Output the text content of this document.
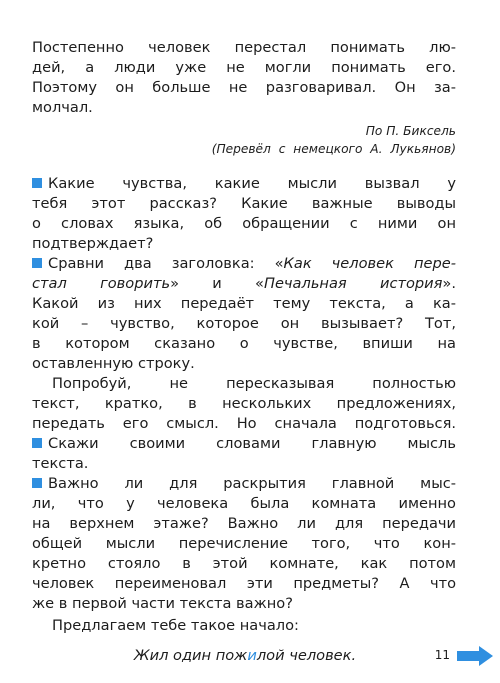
Постепенно человек перестал понимать лю-
дей, а люди уже не могли понимать его.
Поэтому он больше не разговаривал. Он за-
молчал.
По П. Биксель
(Перевёл с немецкого А. Лукьянов)
Какие чувства, какие мысли вызвал у
тебя этот рассказ? Какие важные выводы
о словах языка, об обращении с ними он
подтверждает?
Сравни два заголовка: «Как человек пере-
стал говорить» и «Печальная история».
Какой из них передаёт тему текста, а ка-
кой – чувство, которое он вызывает? Тот,
в котором сказано о чувстве, впиши на
оставленную строку.
Попробуй, не пересказывая полностью
текст, кратко, в нескольких предложениях,
передать его смысл. Но сначала подготовься.
Скажи своими словами главную мысль
текста.
Важно ли для раскрытия главной мыс-
ли, что у человека была комната именно
на верхнем этаже? Важно ли для передачи
общей мысли перечисление того, что кон-
кретно стояло в этой комнате, как потом
человек переименовал эти предметы? А что
же в первой части текста важно?
Предлагаем тебе такое начало:
Жил один пожилой человек.	11
